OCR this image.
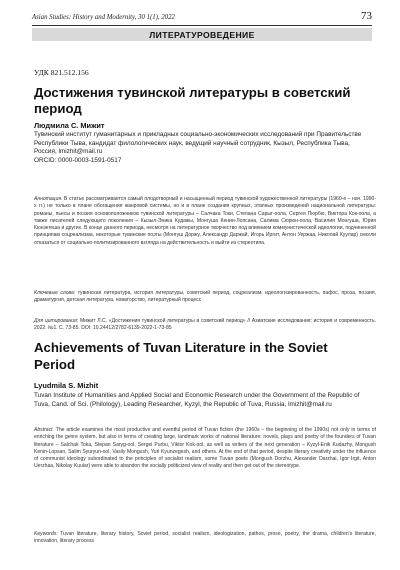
Asian Studies: History and Modernity, 30 1(1), 2022	73
ЛИТЕРАТУРОВЕДЕНИЕ
УДК 821.512.156
Достижения тувинской литературы в советский период
Людмила С. Мижит
Тувинский институт гуманитарных и прикладных социально-экономических исследований при Правительстве Республики Тыва, кандидат филологических наук, ведущий научный сотрудник, Кызыл, Республика Тыва, Россия, lmizhit@mail.ru
ORCID: 0000-0003-1591-0517

Аннотация. В статье рассматривается самый плодотворный и насыщенный период тувинской художественной литературы (1960-е – нач. 1990-х гг.) не только в плане обогащения жанровой системы, но и в плане создания крупных, этапных произведений национальной литературы: романы, пьесы и поэзия основоположников тувинской литературы – Салчака Токи, Степана Сарыг-оола, Сергея Пюрбю, Виктора Кок-оола, а также писателей следующего поколения – Кызыл-Эника Кудажы, Монгуша Кенин-Лопсана, Салима Сюрюн-оола, Василия Монгуша, Юрия Кюнзегеша и других. В конце данного периода, несмотря на литературное творчество под влиянием коммунистической идеологии, подчиненной принципам соцреализма, некоторые тувинские поэты (Монгуш Доржу, Александр Даржай, Игорь Иргит, Антон Уержаа, Николай Куулар) смогли отказаться от социально-политизированного взгляда на действительность и выйти из стереотипа.

Ключевые слова: тувинская литература, история литературы, советский период, соцреализм, идеологизированность, пафос, проза, поэзия, драматургия, детская литература, новаторство, литературный процесс

Для цитирования: Мижит Л.С. «Достижения тувинской литературы в советский период» // Азиатские исследования: история и современность. 2022. №1. С. 73-85. DOI: 10.24412/2782-6139-2022-1-73-85

Achievements of Tuvan Literature in the Soviet Period
Lyudmila S. Mizhit

Tuvan Institute of Humanities and Applied Social and Economic Research under the Government of the Republic of Tuva, Cand. of Sci. (Philology), Leading Researcher, Kyzyl, the Republic of Tuva, Russia, lmizhit@mail.ru

Abstract. The article examines the most productive and eventful period of Tuvan fiction (the 1960s – the beginning of the 1990s) not only in terms of enriching the genre system, but also in terms of creating large, landmark works of national literature: novels, plays and poetry of the founders of Tuvan literature – Salchak Toka, Stepan Saryg-ool, Sergei Purbu, Viktor Kok-ool, as well as writers of the next generation – Kyzyl-Enik Kudazhy, Mongush Kenin-Lopsan, Salim Syuryun-ool, Vasily Mongush, Yuri Kyunzegesh, and others. At the end of that period, despite literary creativity under the influence of communist ideology subordinated to the principles of socialist realism, some Tuvan poets (Mongush Dorzhu, Alexander Darzhai, Igor Irgit, Anton Uerzhaa, Nikolay Kuular) were able to abandon the socially politicized view of reality and then get out of the stereotype.

Keywords: Tuvan literature, literary history, Soviet period, socialist realism, ideologization, pathos, prose, poetry, the drama, children's literature, innovation, literary process
